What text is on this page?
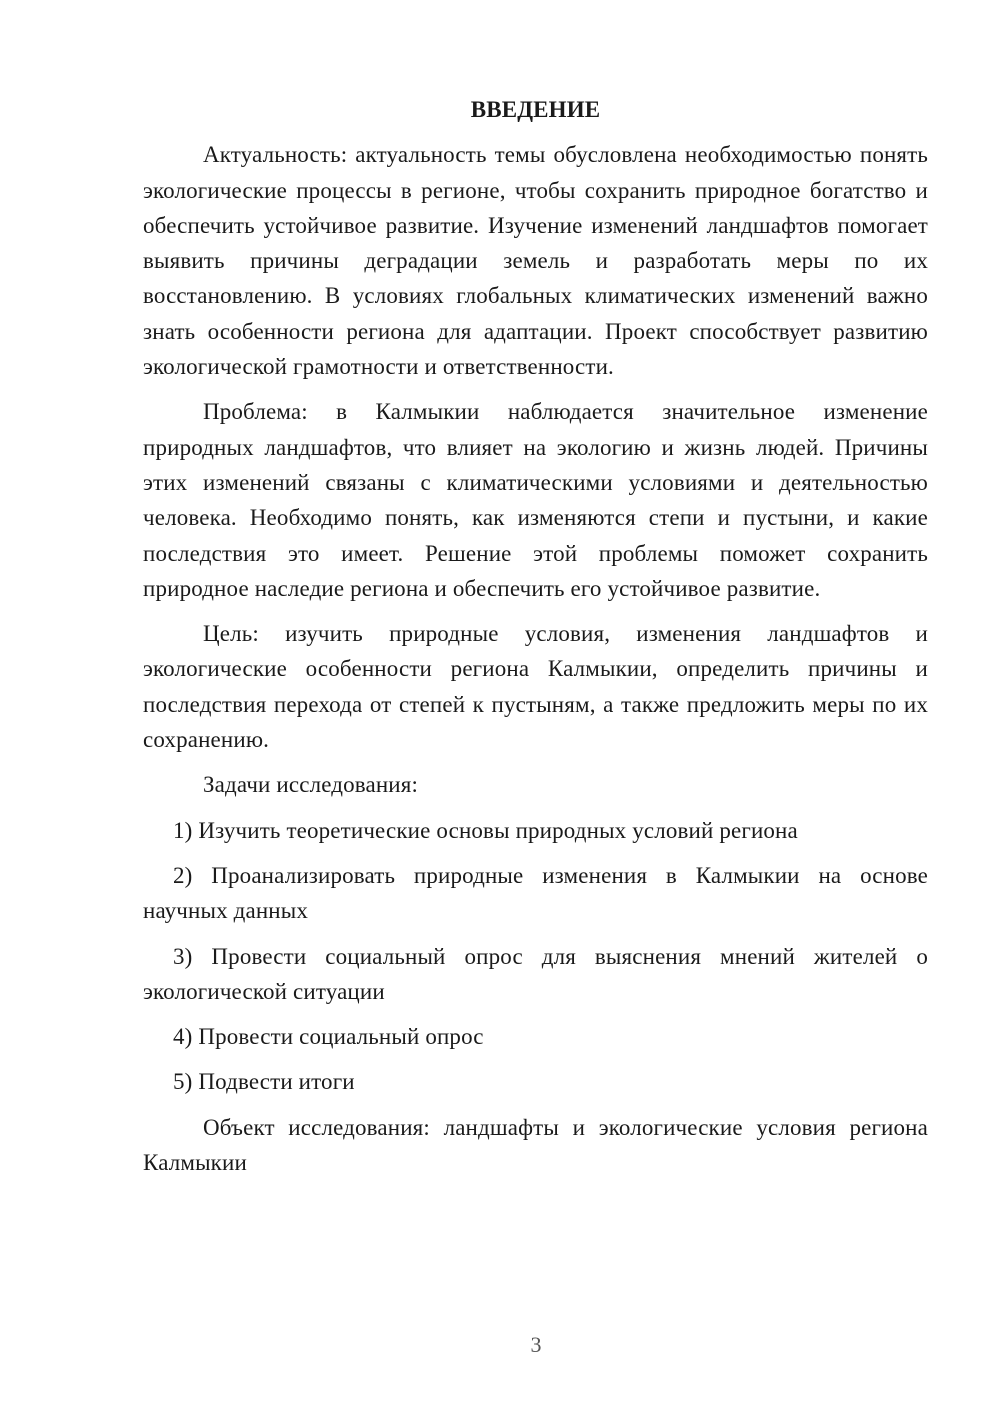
ВВЕДЕНИЕ

Актуальность: актуальность темы обусловлена необходимостью понять экологические процессы в регионе, чтобы сохранить природное богатство и обеспечить устойчивое развитие. Изучение изменений ландшафтов помогает выявить причины деградации земель и разработать меры по их восстановлению. В условиях глобальных климатических изменений важно знать особенности региона для адаптации. Проект способствует развитию экологической грамотности и ответственности.

Проблема: в Калмыкии наблюдается значительное изменение природных ландшафтов, что влияет на экологию и жизнь людей. Причины этих изменений связаны с климатическими условиями и деятельностью человека. Необходимо понять, как изменяются степи и пустыни, и какие последствия это имеет. Решение этой проблемы поможет сохранить природное наследие региона и обеспечить его устойчивое развитие.

Цель: изучить природные условия, изменения ландшафтов и экологические особенности региона Калмыкии, определить причины и последствия перехода от степей к пустыням, а также предложить меры по их сохранению.

Задачи исследования:

1) Изучить теоретические основы природных условий региона

2) Проанализировать природные изменения в Калмыкии на основе научных данных

3) Провести социальный опрос для выяснения мнений жителей о экологической ситуации

4) Провести социальный опрос

5) Подвести итоги

Объект исследования: ландшафты и экологические условия региона Калмыкии

3
